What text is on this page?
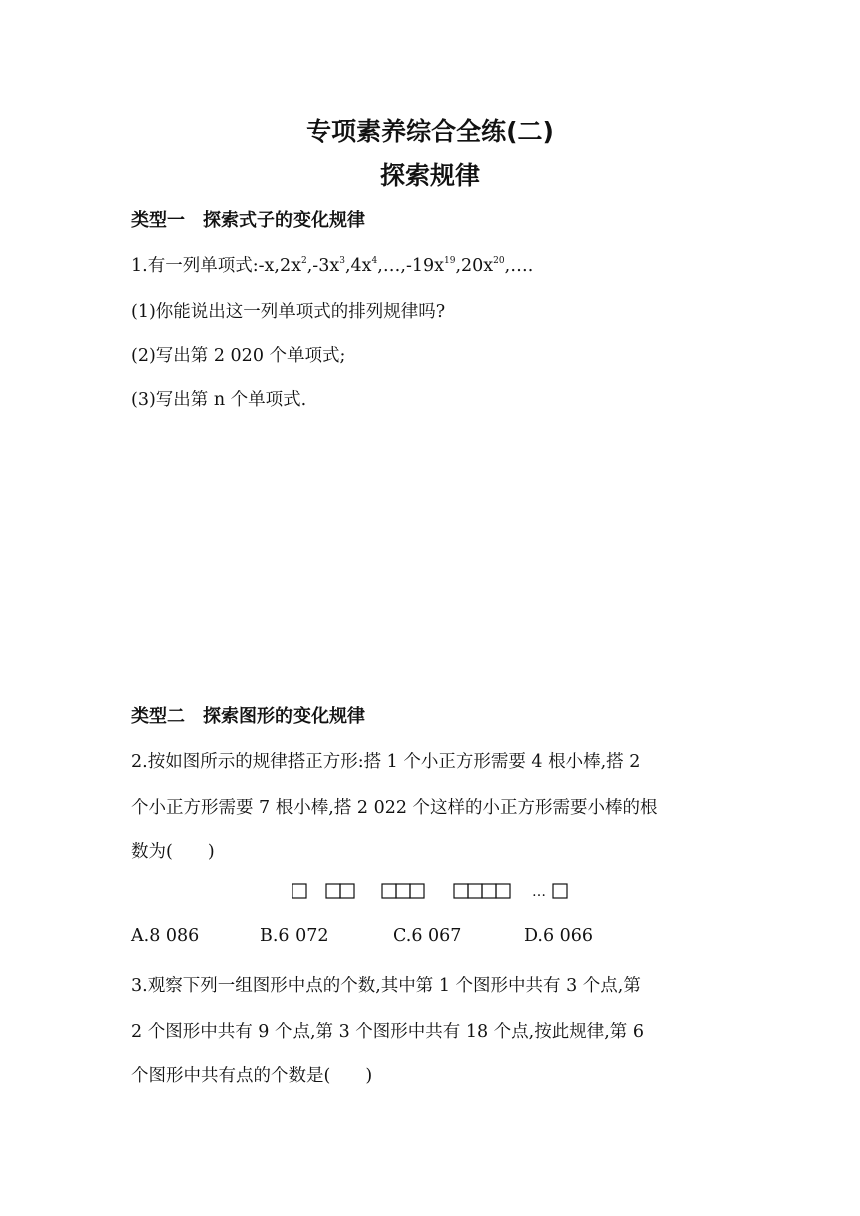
专项素养综合全练(二)
探索规律
类型一　探索式子的变化规律
1.有一列单项式$:-x,2x^2,-3x^3,4x^4,\dots,-19x^{19},20x^{20},\dots$.
(1)你能说出这一列单项式的排列规律吗?
(2)写出第 2 020 个单项式;
(3)写出第 n 个单项式.
类型二　探索图形的变化规律
2.按如图所示的规律搭正方形:搭 1 个小正方形需要 4 根小棒,搭 2
个小正方形需要 7 根小棒,搭 2 022 个这样的小正方形需要小棒的根
数为(　　)
…
A.8 086	B.6 072	C.6 067	D.6 066
3.观察下列一组图形中点的个数,其中第 1 个图形中共有 3 个点,第
2 个图形中共有 9 个点,第 3 个图形中共有 18 个点,按此规律,第 6
个图形中共有点的个数是(　　)
